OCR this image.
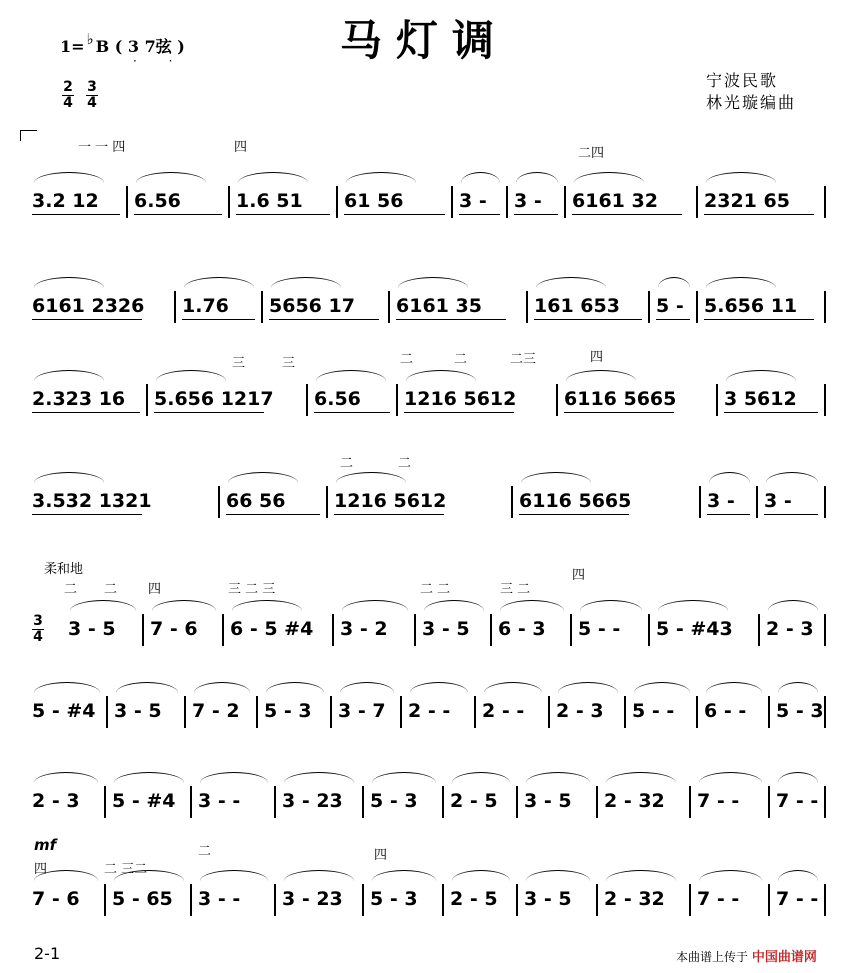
1= ♭ B ( 3 7弦 )
· ·	马灯调
宁波民歌
林光璇编曲
$\frac{2}{4} \frac{3}{4}$
一 一 四	四	二四
三	三	二	二	二三	四
二	二
柔和地
二 二 四	三 二 三	二 二	三 二
四
mf
四	二 三二
二	四
$\frac{3}{4}$
3.2 12 6.56	1.6 51 61 56	3 - 3 - 6161 32 2321 65
6161 2326 1.76 5656 17 6161 35	161 653 5 - 5.656 11
2.323 16 5.656 1217 6.56 1216 5612	6116 5665	3 5612
3.532 1321	66 56	1216 5612	6116 5665	3 - 3 -
3 - 5 7 - 6 6 - 5 #4 3 - 2 3 - 5 6 - 3 5 - - 5 - #43 2 - 3
5 - #4 3 - 5 7 - 2 5 - 3 3 - 7 2 - - 2 - - 2 - 3 5 - - 6 - - 5 - 3
2 - 3 5 - #4 3 - - 3 - 23 5 - 3 2 - 5 3 - 5 2 - 32 7 - - 7 - -
7 - 6 5 - 65 3 - - 3 - 23 5 - 3 2 - 5 3 - 5 2 - 32 7 - - 7 - -
2-1	本曲谱上传于 中国曲谱网
